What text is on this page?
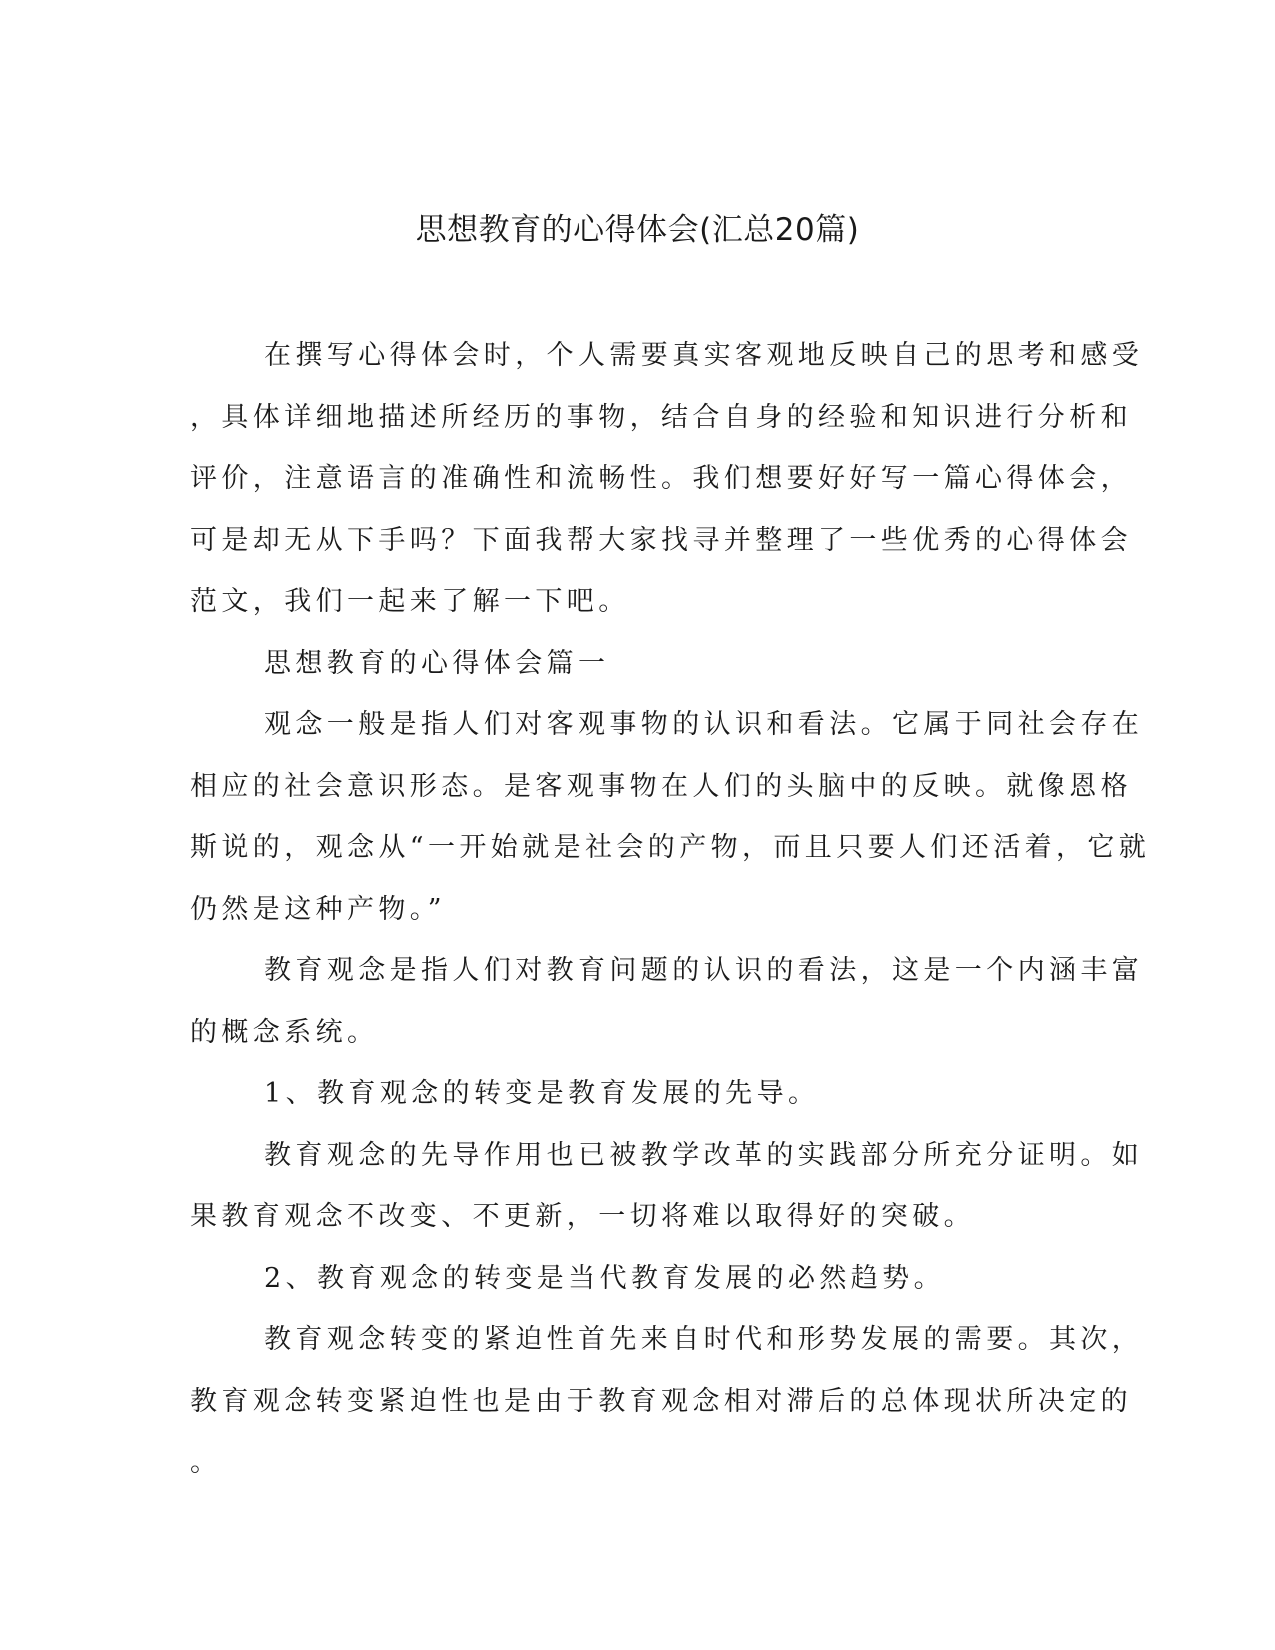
思想教育的心得体会(汇总20篇)

在撰写心得体会时，个人需要真实客观地反映自己的思考和感受

，具体详细地描述所经历的事物，结合自身的经验和知识进行分析和

评价，注意语言的准确性和流畅性。我们想要好好写一篇心得体会，

可是却无从下手吗？下面我帮大家找寻并整理了一些优秀的心得体会

范文，我们一起来了解一下吧。

思想教育的心得体会篇一

观念一般是指人们对客观事物的认识和看法。它属于同社会存在

相应的社会意识形态。是客观事物在人们的头脑中的反映。就像恩格

斯说的，观念从“一开始就是社会的产物，而且只要人们还活着，它就

仍然是这种产物。”

教育观念是指人们对教育问题的认识的看法，这是一个内涵丰富

的概念系统。

1、教育观念的转变是教育发展的先导。

教育观念的先导作用也已被教学改革的实践部分所充分证明。如

果教育观念不改变、不更新，一切将难以取得好的突破。

2、教育观念的转变是当代教育发展的必然趋势。

教育观念转变的紧迫性首先来自时代和形势发展的需要。其次，

教育观念转变紧迫性也是由于教育观念相对滞后的总体现状所决定的

。
